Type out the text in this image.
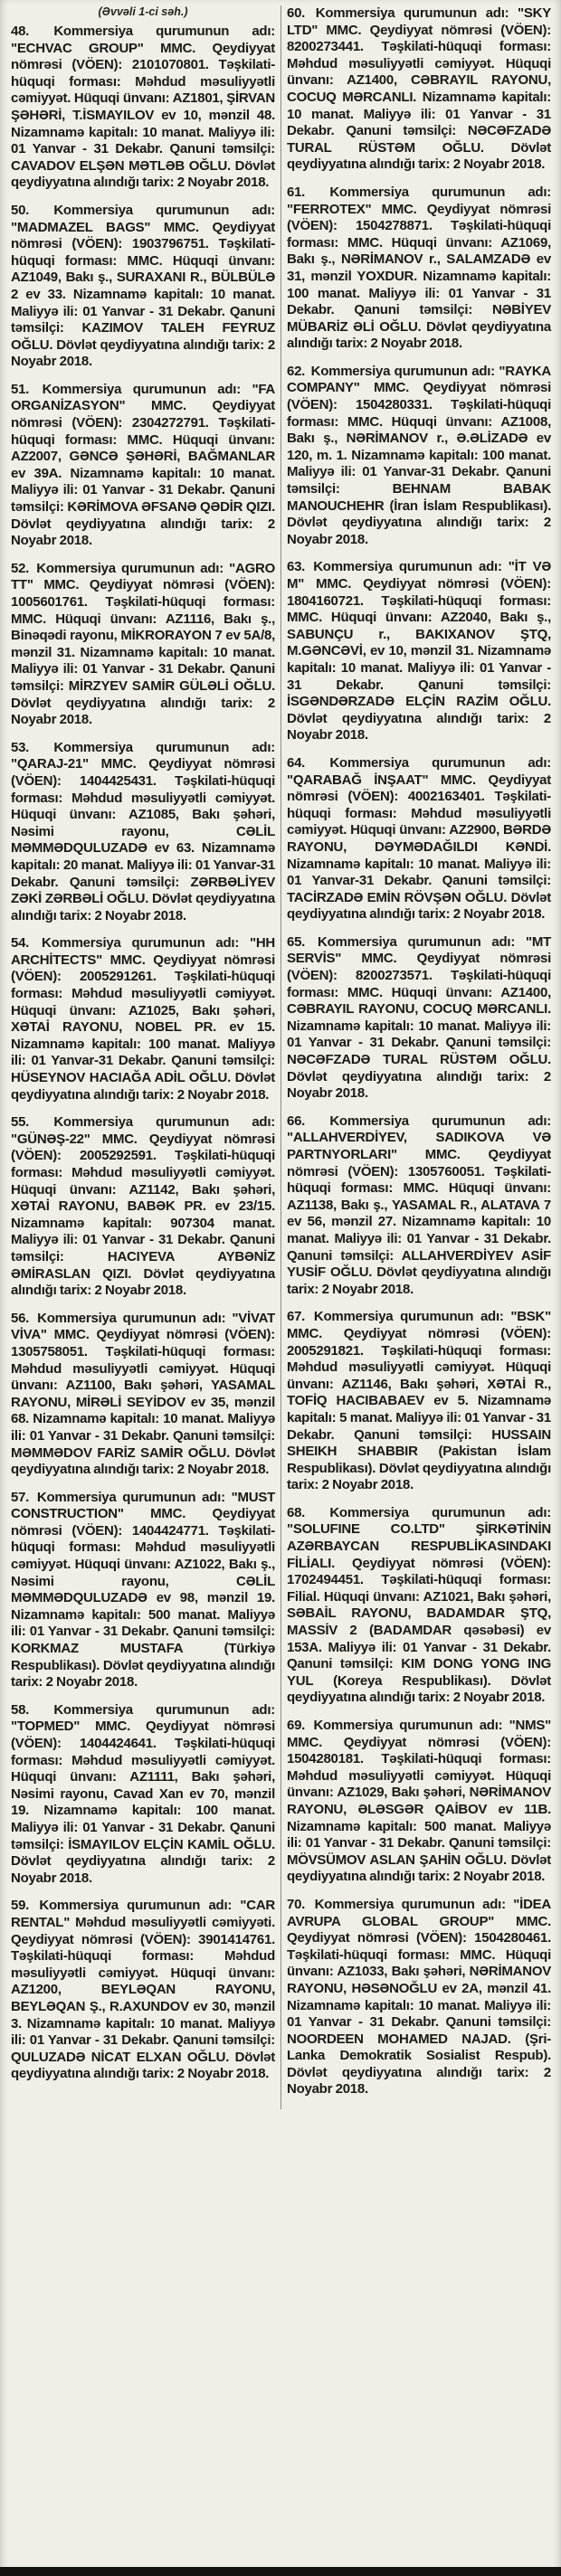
(Əvvəli 1-ci səh.)

48. Kommersiya qurumunun adı: "ECHVAC GROUP" MMC. Qeydiyyat nömrəsi (VÖEN): 2101070801. Təşkilati-hüquqi forması: Məhdud məsuliyyətli cəmiyyət. Hüquqi ünvanı: AZ1801, ŞİRVAN ŞƏHƏRİ, T.İSMAYILOV ev 10, mənzil 48. Nizamnamə kapitalı: 10 manat. Maliyyə ili: 01 Yanvar - 31 Dekabr. Qanuni təmsilçi: CAVADOV ELŞƏN MƏTLƏB OĞLU. Dövlət qeydiyyatına alındığı tarix: 2 Noyabr 2018.

50. Kommersiya qurumunun adı: "MADMAZEL BAGS" MMC. Qeydiyyat nömrəsi (VÖEN): 1903796751. Təşkilati-hüquqi forması: MMC. Hüquqi ünvanı: AZ1049, Bakı ş., SURAXANI R., BÜLBÜLƏ 2 ev 33. Nizamnamə kapitalı: 10 manat. Maliyyə ili: 01 Yanvar - 31 Dekabr. Qanuni təmsilçi: KAZIMOV TALEH FEYRUZ OĞLU. Dövlət qeydiyyatına alındığı tarix: 2 Noyabr 2018.

51. Kommersiya qurumunun adı: "FA ORGANİZASYON" MMC. Qeydiyyat nömrəsi (VÖEN): 2304272791. Təşkilati-hüquqi forması: MMC. Hüquqi ünvanı: AZ2007, GƏNCƏ ŞƏHƏRİ, BAĞMANLAR ev 39A. Nizamnamə kapitalı: 10 manat. Maliyyə ili: 01 Yanvar - 31 Dekabr. Qanuni təmsilçi: KƏRİMOVA ƏFSANƏ QƏDİR QIZI. Dövlət qeydiyyatına alındığı tarix: 2 Noyabr 2018.

52. Kommersiya qurumunun adı: "AGRO TT" MMC. Qeydiyyat nömrəsi (VÖEN): 1005601761. Təşkilati-hüquqi forması: MMC. Hüquqi ünvanı: AZ1116, Bakı ş., Binəqədi rayonu, MİKRORAYON 7 ev 5A/8, mənzil 31. Nizamnamə kapitalı: 10 manat. Maliyyə ili: 01 Yanvar - 31 Dekabr. Qanuni təmsilçi: MİRZYEV SAMİR GÜLƏLİ OĞLU. Dövlət qeydiyyatına alındığı tarix: 2 Noyabr 2018.

53. Kommersiya qurumunun adı: "QARAJ-21" MMC. Qeydiyyat nömrəsi (VÖEN): 1404425431. Təşkilati-hüquqi forması: Məhdud məsuliyyətli cəmiyyət. Hüquqi ünvanı: AZ1085, Bakı şəhəri, Nəsimi rayonu, CƏLİL MƏMMƏDQULUZADƏ ev 63. Nizamnamə kapitalı: 20 manat. Maliyyə ili: 01 Yanvar-31 Dekabr. Qanuni təmsilçi: ZƏRBƏLİYEV ZƏKİ ZƏRBƏLİ OĞLU. Dövlət qeydiyyatına alındığı tarix: 2 Noyabr 2018.

54. Kommersiya qurumunun adı: "HH ARCHİTECTS" MMC. Qeydiyyat nömrəsi (VÖEN): 2005291261. Təşkilati-hüquqi forması: Məhdud məsuliyyətli cəmiyyət. Hüquqi ünvanı: AZ1025, Bakı şəhəri, XƏTAİ RAYONU, NOBEL PR. ev 15. Nizamnamə kapitalı: 100 manat. Maliyyə ili: 01 Yanvar-31 Dekabr. Qanuni təmsilçi: HÜSEYNOV HACIAĞA ADİL OĞLU. Dövlət qeydiyyatına alındığı tarix: 2 Noyabr 2018.

55. Kommersiya qurumunun adı: "GÜNƏŞ-22" MMC. Qeydiyyat nömrəsi (VÖEN): 2005292591. Təşkilati-hüquqi forması: Məhdud məsuliyyətli cəmiyyət. Hüquqi ünvanı: AZ1142, Bakı şəhəri, XƏTAİ RAYONU, BABƏK PR. ev 23/15. Nizamnamə kapitalı: 907304 manat. Maliyyə ili: 01 Yanvar - 31 Dekabr. Qanuni təmsilçi: HACIYEVA AYBƏNİZ ƏMİRASLAN QIZI. Dövlət qeydiyyatına alındığı tarix: 2 Noyabr 2018.

56. Kommersiya qurumunun adı: "VİVAT VİVA" MMC. Qeydiyyat nömrəsi (VÖEN): 1305758051. Təşkilati-hüquqi forması: Məhdud məsuliyyətli cəmiyyət. Hüquqi ünvanı: AZ1100, Bakı şəhəri, YASAMAL RAYONU, MİRƏLİ SEYİDOV ev 35, mənzil 68. Nizamnamə kapitalı: 10 manat. Maliyyə ili: 01 Yanvar - 31 Dekabr. Qanuni təmsilçi: MƏMMƏDOV FARİZ SAMİR OĞLU. Dövlət qeydiyyatına alındığı tarix: 2 Noyabr 2018.

57. Kommersiya qurumunun adı: "MUST CONSTRUCTION" MMC. Qeydiyyat nömrəsi (VÖEN): 1404424771. Təşkilati-hüquqi forması: Məhdud məsuliyyətli cəmiyyət. Hüquqi ünvanı: AZ1022, Bakı ş., Nəsimi rayonu, CƏLİL MƏMMƏDQULUZADƏ ev 98, mənzil 19. Nizamnamə kapitalı: 500 manat. Maliyyə ili: 01 Yanvar - 31 Dekabr. Qanuni təmsilçi: KORKMAZ MUSTAFA (Türkiyə Respublikası). Dövlət qeydiyyatına alındığı tarix: 2 Noyabr 2018.

58. Kommersiya qurumunun adı: "TOPMED" MMC. Qeydiyyat nömrəsi (VÖEN): 1404424641. Təşkilati-hüquqi forması: Məhdud məsuliyyətli cəmiyyət. Hüquqi ünvanı: AZ1111, Bakı şəhəri, Nəsimi rayonu, Cavad Xan ev 70, mənzil 19. Nizamnamə kapitalı: 100 manat. Maliyyə ili: 01 Yanvar - 31 Dekabr. Qanuni təmsilçi: İSMAYILOV ELÇİN KAMİL OĞLU. Dövlət qeydiyyatına alındığı tarix: 2 Noyabr 2018.

59. Kommersiya qurumunun adı: "CAR RENTAL" Məhdud məsuliyyətli cəmiyyəti. Qeydiyyat nömrəsi (VÖEN): 3901414761. Təşkilati-hüquqi forması: Məhdud məsuliyyətli cəmiyyət. Hüquqi ünvanı: AZ1200, BEYLƏQAN RAYONU, BEYLƏQAN Ş., R.AXUNDOV ev 30, mənzil 3. Nizamnamə kapitalı: 10 manat. Maliyyə ili: 01 Yanvar - 31 Dekabr. Qanuni təmsilçi: QULUZADƏ NİCAT ELXAN OĞLU. Dövlət qeydiyyatına alındığı tarix: 2 Noyabr 2018.

60. Kommersiya qurumunun adı: "SKY LTD" MMC. Qeydiyyat nömrəsi (VÖEN): 8200273441. Təşkilati-hüquqi forması: Məhdud məsuliyyətli cəmiyyət. Hüquqi ünvanı: AZ1400, CƏBRAYIL RAYONU, COCUQ MƏRCANLI. Nizamnamə kapitalı: 10 manat. Maliyyə ili: 01 Yanvar - 31 Dekabr. Qanuni təmsilçi: NƏCƏFZADƏ TURAL RÜSTƏM OĞLU. Dövlət qeydiyyatına alındığı tarix: 2 Noyabr 2018.

61. Kommersiya qurumunun adı: "FERROTEX" MMC. Qeydiyyat nömrəsi (VÖEN): 1504278871. Təşkilati-hüquqi forması: MMC. Hüquqi ünvanı: AZ1069, Bakı ş., NƏRİMANOV r., SALAMZADƏ ev 31, mənzil YOXDUR. Nizamnamə kapitalı: 100 manat. Maliyyə ili: 01 Yanvar - 31 Dekabr. Qanuni təmsilçi: NƏBİYEV MÜBARİZ ƏLİ OĞLU. Dövlət qeydiyyatına alındığı tarix: 2 Noyabr 2018.

62. Kommersiya qurumunun adı: "RAYKA COMPANY" MMC. Qeydiyyat nömrəsi (VÖEN): 1504280331. Təşkilati-hüquqi forması: MMC. Hüquqi ünvanı: AZ1008, Bakı ş., NƏRİMANOV r., Ə.ƏLİZADƏ ev 120, m. 1. Nizamnamə kapitalı: 100 manat. Maliyyə ili: 01 Yanvar-31 Dekabr. Qanuni təmsilçi: BEHNAM BABAK MANOUCHEHR (İran İslam Respublikası). Dövlət qeydiyyatına alındığı tarix: 2 Noyabr 2018.

63. Kommersiya qurumunun adı: "İT VƏ M" MMC. Qeydiyyat nömrəsi (VÖEN): 1804160721. Təşkilati-hüquqi forması: MMC. Hüquqi ünvanı: AZ2040, Bakı ş., SABUNÇU r., BAKIXANOV ŞTQ, M.GƏNCƏVİ, ev 10, mənzil 31. Nizamnamə kapitalı: 10 manat. Maliyyə ili: 01 Yanvar - 31 Dekabr. Qanuni təmsilçi: İSGƏNDƏRZADƏ ELÇİN RAZİM OĞLU. Dövlət qeydiyyatına alındığı tarix: 2 Noyabr 2018.

64. Kommersiya qurumunun adı: "QARABAĞ İNŞAAT" MMC. Qeydiyyat nömrəsi (VÖEN): 4002163401. Təşkilati-hüquqi forması: Məhdud məsuliyyətli cəmiyyət. Hüquqi ünvanı: AZ2900, BƏRDƏ RAYONU, DƏYMƏDAĞILDI KƏNDİ. Nizamnamə kapitalı: 10 manat. Maliyyə ili: 01 Yanvar-31 Dekabr. Qanuni təmsilçi: TACİRZADƏ EMİN RÖVŞƏN OĞLU. Dövlət qeydiyyatına alındığı tarix: 2 Noyabr 2018.

65. Kommersiya qurumunun adı: "MT SERVİS" MMC. Qeydiyyat nömrəsi (VÖEN): 8200273571. Təşkilati-hüquqi forması: MMC. Hüquqi ünvanı: AZ1400, CƏBRAYIL RAYONU, COCUQ MƏRCANLI. Nizamnamə kapitalı: 10 manat. Maliyyə ili: 01 Yanvar - 31 Dekabr. Qanuni təmsilçi: NƏCƏFZADƏ TURAL RÜSTƏM OĞLU. Dövlət qeydiyyatına alındığı tarix: 2 Noyabr 2018.

66. Kommersiya qurumunun adı: "ALLAHVERDİYEV, SADIKOVA VƏ PARTNYORLARI" MMC. Qeydiyyat nömrəsi (VÖEN): 1305760051. Təşkilati-hüquqi forması: MMC. Hüquqi ünvanı: AZ1138, Bakı ş., YASAMAL R., ALATAVA 7 ev 56, mənzil 27. Nizamnamə kapitalı: 10 manat. Maliyyə ili: 01 Yanvar - 31 Dekabr. Qanuni təmsilçi: ALLAHVERDİYEV ASİF YUSİF OĞLU. Dövlət qeydiyyatına alındığı tarix: 2 Noyabr 2018.

67. Kommersiya qurumunun adı: "BSK" MMC. Qeydiyyat nömrəsi (VÖEN): 2005291821. Təşkilati-hüquqi forması: Məhdud məsuliyyətli cəmiyyət. Hüquqi ünvanı: AZ1146, Bakı şəhəri, XƏTAİ R., TOFİQ HACIBABAEV ev 5. Nizamnamə kapitalı: 5 manat. Maliyyə ili: 01 Yanvar - 31 Dekabr. Qanuni təmsilçi: HUSSAIN SHEIKH SHABBIR (Pakistan İslam Respublikası). Dövlət qeydiyyatına alındığı tarix: 2 Noyabr 2018.

68. Kommersiya qurumunun adı: "SOLUFINE CO.LTD" ŞİRKƏTİNİN AZƏRBAYCAN RESPUBLİKASINDAKI FİLİALI. Qeydiyyat nömrəsi (VÖEN): 1702494451. Təşkilati-hüquqi forması: Filial. Hüquqi ünvanı: AZ1021, Bakı şəhəri, SƏBAİL RAYONU, BADAMDAR ŞTQ, MASSİV 2 (BADAMDAR qəsəbəsi) ev 153A. Maliyyə ili: 01 Yanvar - 31 Dekabr. Qanuni təmsilçi: KIM DONG YONG ING YUL (Koreya Respublikası). Dövlət qeydiyyatına alındığı tarix: 2 Noyabr 2018.

69. Kommersiya qurumunun adı: "NMS" MMC. Qeydiyyat nömrəsi (VÖEN): 1504280181. Təşkilati-hüquqi forması: Məhdud məsuliyyətli cəmiyyət. Hüquqi ünvanı: AZ1029, Bakı şəhəri, NƏRİMANOV RAYONU, ƏLƏSGƏR QAİBOV ev 11B. Nizamnamə kapitalı: 500 manat. Maliyyə ili: 01 Yanvar - 31 Dekabr. Qanuni təmsilçi: MÖVSÜMOV ASLAN ŞAHİN OĞLU. Dövlət qeydiyyatına alındığı tarix: 2 Noyabr 2018.

70. Kommersiya qurumunun adı: "İDEA AVRUPA GLOBAL GROUP" MMC. Qeydiyyat nömrəsi (VÖEN): 1504280461. Təşkilati-hüquqi forması: MMC. Hüquqi ünvanı: AZ1033, Bakı şəhəri, NƏRİMANOV RAYONU, HƏSƏNOĞLU ev 2A, mənzil 41. Nizamnamə kapitalı: 10 manat. Maliyyə ili: 01 Yanvar - 31 Dekabr. Qanuni təmsilçi: NOORDEEN MOHAMED NAJAD. (Şri-Lanka Demokratik Sosialist Respub). Dövlət qeydiyyatına alındığı tarix: 2 Noyabr 2018.
